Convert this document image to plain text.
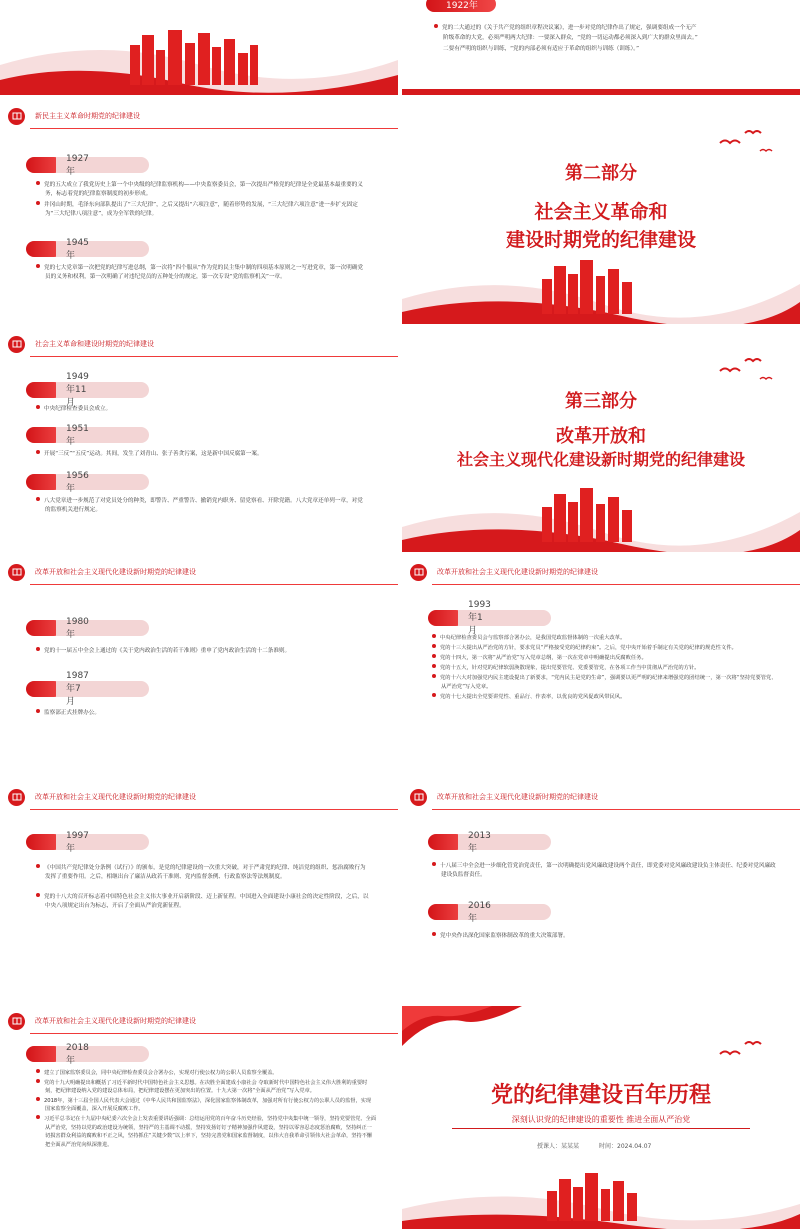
1922年
党的二大通过的《关于共产党的组织章程决议案》，进一步对党的纪律作出了规定，强调要组成一个无产
阶级革命的大党，必须严明两大纪律：一要深入群众，“党的一切运动都必须深入到广大的群众里面去。”
二要有严明的组织与训练，“党的内部必须有适应于革命的组织与训练（训练）。”
新民主主义革命时期党的纪律建设
1927年
党的五大成立了我党历史上第一个中央级的纪律监察机构——中央监察委员会，第一次提出严格党的纪律是全党最基本最重要的义务，标志着党的纪律监察制度的初步形成。
井冈山时期，毛泽东向部队提出了“三大纪律”，之后又提出“六项注意”，随着形势的发展，“三大纪律六项注意”进一步扩充固定为“三大纪律八项注意”，成为全军铁的纪律。
1945年
党的七大党章第一次把党的纪律写进总纲，第一次将“四个服从”作为党的民主集中制的四项基本原则之一写进党章，第一次明确党员的义务和权利，第一次明确了对违纪党员的五种处分的规定，第一次专设“党的监察机关”一章。
第二部分
社会主义革命和
建设时期党的纪律建设
社会主义革命和建设时期党的纪律建设
1949年11月
中央纪律检查委员会成立。
1951年
开展“三反”“五反”运动。其间，发生了刘青山、张子善贪污案，这是新中国反腐第一案。
1956年
八大党章进一步规范了对党员处分的种类，即警告、严重警告、撤销党内职务、留党察看、开除党籍。八大党章还单列一章，对党的监察机关进行规定。
第三部分
改革开放和
社会主义现代化建设新时期党的纪律建设
改革开放和社会主义现代化建设新时期党的纪律建设
1980年
党的十一届五中全会上通过的《关于党内政治生活的若干准则》重申了党内政治生活的十二条准则。
1987年7月
监察部正式挂牌办公。
改革开放和社会主义现代化建设新时期党的纪律建设
1993年1月
中央纪律检查委员会与监察部合署办公，是我国党政监督体制的一次重大改革。
党的十三大提出从严治党的方针，要求党员“严格接受党的纪律约束”。之后，党中央开始着手制定有关党的纪律的规范性文件。
党的十四大，第一次将“从严治党”写入党章总纲，第一次在党章中明确提出反腐败任务。
党的十五大，针对党的纪律软弱涣散现象，提出党要管党、党委要管党，在各项工作当中贯彻从严治党的方针。
党的十六大对加强党内民主建设提出了新要求，“党内民主是党的生命”，强调要以更严明的纪律来增强党的团结统一，第一次将“坚持党要管党、从严治党”写入党章。
党的十七大提出全党要讲党性、重品行、作表率，以优良的党风促政风带民风。
改革开放和社会主义现代化建设新时期党的纪律建设
1997年
《中国共产党纪律处分条例（试行）》的颁布，是党的纪律建设的一次重大突破，对于严肃党的纪律、纯洁党的组织、惩治腐败行为发挥了重要作用。之后，相继出台了廉洁从政若干准则、党内监督条例、行政监察法等法规制度。
党的十八大的召开标志着中国特色社会主义伟大事业开启新阶段、迈上新征程。中国进入全面建设小康社会的决定性阶段，之后，以中央八项规定出台为标志，开启了全面从严治党新征程。
改革开放和社会主义现代化建设新时期党的纪律建设
2013年
十八届三中全会进一步细化管党治党责任，第一次明确提出党风廉政建设两个责任，即党委对党风廉政建设负主体责任、纪委对党风廉政建设负监督责任。
2016年
党中央作出深化国家监察体制改革的重大决策部署。
改革开放和社会主义现代化建设新时期党的纪律建设
2018年
建立了国家监察委员会，同中央纪律检查委员会合署办公，实现对行使公权力的公职人员监察全覆盖。
党的十九大明确提出和概括了习近平新时代中国特色社会主义思想。在决胜全面建成小康社会 夺取新时代中国特色社会主义伟大胜利的重要时刻，把纪律建设纳入党的建设总体布局，把纪律建设摆在更加突出的位置。十九大第一次将“全面从严治党”写入党章。
2018年，第十三届全国人民代表大会通过《中华人民共和国监察法》，深化国家监察体制改革，加强对所有行使公权力的公职人员的监督，实现国家监察全面覆盖，深入开展反腐败工作。
习近平总书记在十九届中央纪委六次全会上发表重要讲话强调：总结运用党的百年奋斗历史经验，坚持党中央集中统一领导，坚持党要管党、全面从严治党，坚持以党的政治建设为统领，坚持严的主基调不动摇，坚持发扬钉钉子精神加强作风建设，坚持以零容忍态度惩治腐败，坚持纠正一切损害群众利益的腐败和不正之风，坚持抓住“关键少数”以上率下，坚持完善党和国家监督制度，以伟大自我革命引领伟大社会革命，坚持不懈把全面从严治党向纵深推进。
党的纪律建设百年历程
深刻认识党的纪律建设的重要性 推进全面从严治党
授课人：某某某	时间：2024.04.07
